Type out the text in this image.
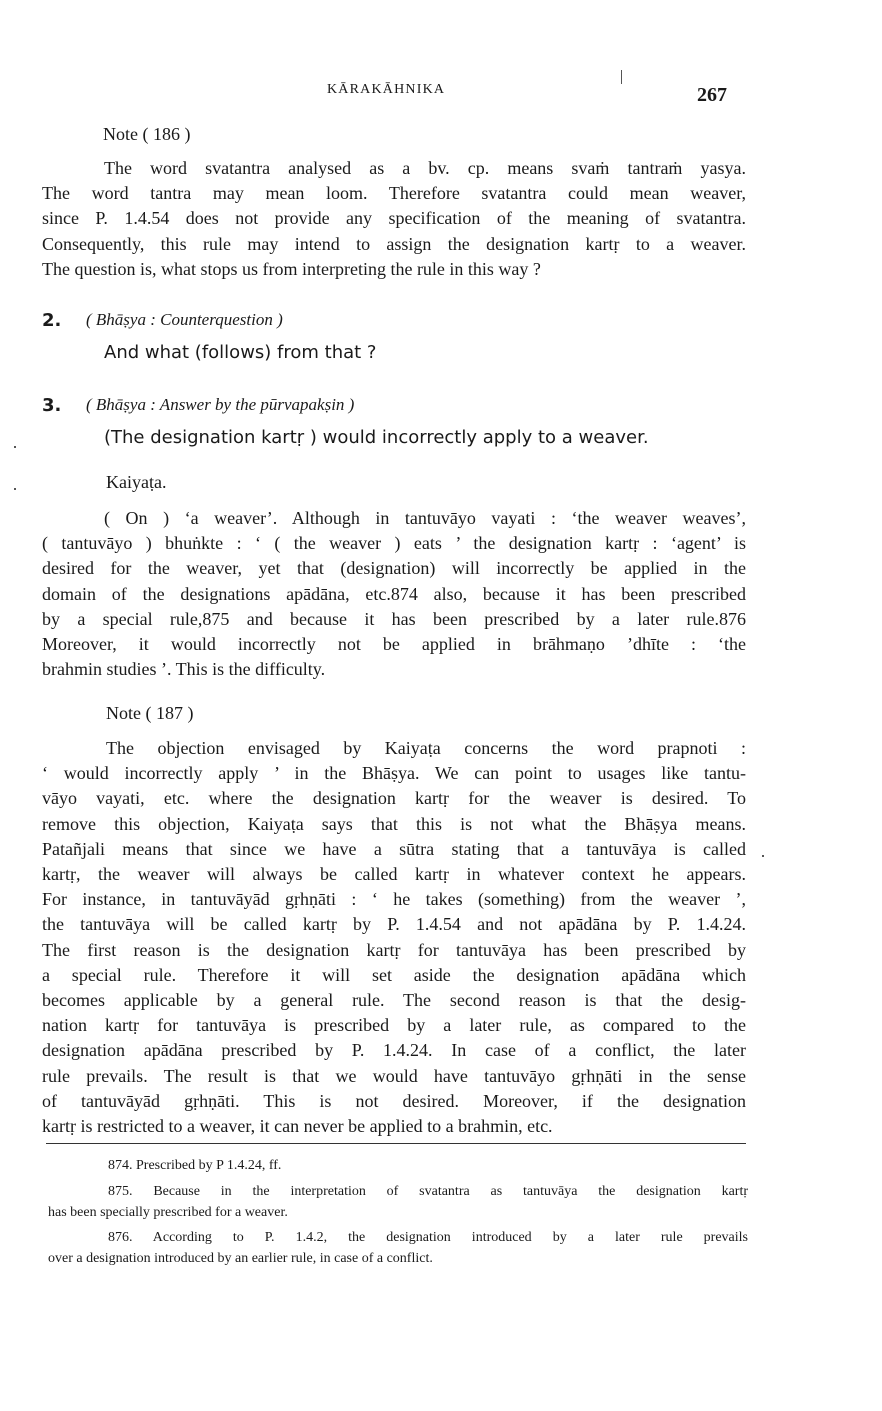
KĀRAKĀHNIKA	267
Note ( 186 )
The word svatantra analysed as a bv. cp. means svaṁ tantraṁ yasya.
The word tantra may mean loom. Therefore svatantra could mean weaver,
since P. 1.4.54 does not provide any specification of the meaning of svatantra.
Consequently, this rule may intend to assign the designation kartṛ to a weaver.
The question is, what stops us from interpreting the rule in this way ?
2. ( Bhāṣya : Counterquestion )
And what (follows) from that ?
3. ( Bhāṣya : Answer by the pūrvapakṣin )
(The designation kartṛ ) would incorrectly apply to a weaver.
Kaiyaṭa.
( On ) ‘a weaver’. Although in tantuvāyo vayati : ‘the weaver weaves’,
( tantuvāyo ) bhuṅkte : ‘ ( the weaver ) eats ’ the designation kartṛ : ‘agent’ is
desired for the weaver, yet that (designation) will incorrectly be applied in the
domain of the designations apādāna, etc.874 also, because it has been prescribed
by a special rule,875 and because it has been prescribed by a later rule.876
Moreover, it would incorrectly not be applied in brāhmaṇo ’dhīte : ‘the
brahmin studies ’. This is the difficulty.
Note ( 187 )
The objection envisaged by Kaiyaṭa concerns the word prapnoti :
‘ would incorrectly apply ’ in the Bhāṣya. We can point to usages like tantu-
vāyo vayati, etc. where the designation kartṛ for the weaver is desired. To
remove this objection, Kaiyaṭa says that this is not what the Bhāṣya means.
Patañjali means that since we have a sūtra stating that a tantuvāya is called
kartṛ, the weaver will always be called kartṛ in whatever context he appears.
For instance, in tantuvāyād gṛhṇāti : ‘ he takes (something) from the weaver ’,
the tantuvāya will be called kartṛ by P. 1.4.54 and not apādāna by P. 1.4.24.
The first reason is the designation kartṛ for tantuvāya has been prescribed by
a special rule. Therefore it will set aside the designation apādāna which
becomes applicable by a general rule. The second reason is that the desig-
nation kartṛ for tantuvāya is prescribed by a later rule, as compared to the
designation apādāna prescribed by P. 1.4.24. In case of a conflict, the later
rule prevails. The result is that we would have tantuvāyo gṛhṇāti in the sense
of tantuvāyād gṛhṇāti. This is not desired. Moreover, if the designation
kartṛ is restricted to a weaver, it can never be applied to a brahmin, etc.
874. Prescribed by P 1.4.24, ff.
875. Because in the interpretation of svatantra as tantuvāya the designation kartṛ
has been specially prescribed for a weaver.
876. According to P. 1.4.2, the designation introduced by a later rule prevails
over a designation introduced by an earlier rule, in case of a conflict.
